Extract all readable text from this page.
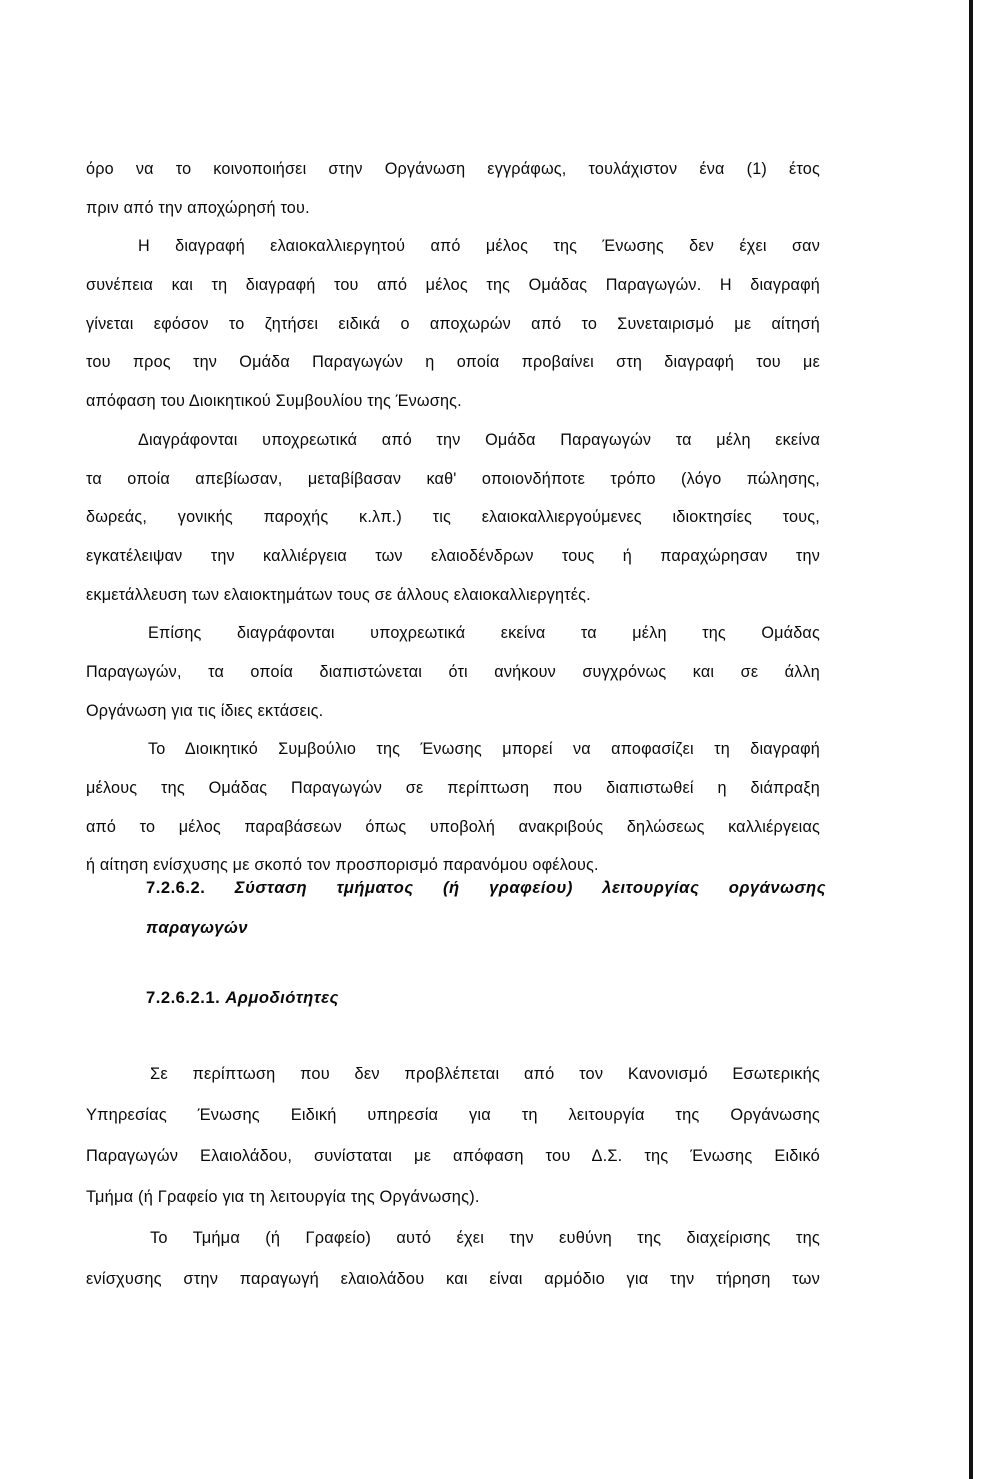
όρο να το κοινοποιήσει στην Οργάνωση εγγράφως, τουλάχιστον ένα (1) έτος
πριν από την αποχώρησή του.
Η διαγραφή ελαιοκαλλιεργητού από μέλος της Ένωσης δεν έχει σαν
συνέπεια και τη διαγραφή του από μέλος της Ομάδας Παραγωγών. Η διαγραφή
γίνεται εφόσον το ζητήσει ειδικά ο αποχωρών από το Συνεταιρισμό με αίτησή
του προς την Ομάδα Παραγωγών η οποία προβαίνει στη διαγραφή του με
απόφαση του Διοικητικού Συμβουλίου της Ένωσης.
Διαγράφονται υποχρεωτικά από την Ομάδα Παραγωγών τα μέλη εκείνα
τα οποία απεβίωσαν, μεταβίβασαν καθ' οποιονδήποτε τρόπο (λόγο πώλησης,
δωρεάς, γονικής παροχής κ.λπ.) τις ελαιοκαλλιεργούμενες ιδιοκτησίες τους,
εγκατέλειψαν την καλλιέργεια των ελαιοδένδρων τους ή παραχώρησαν την
εκμετάλλευση των ελαιοκτημάτων τους σε άλλους ελαιοκαλλιεργητές.
Επίσης διαγράφονται υποχρεωτικά εκείνα τα μέλη της Ομάδας
Παραγωγών, τα οποία διαπιστώνεται ότι ανήκουν συγχρόνως και σε άλλη
Οργάνωση για τις ίδιες εκτάσεις.
Το Διοικητικό Συμβούλιο της Ένωσης μπορεί να αποφασίζει τη διαγραφή
μέλους της Ομάδας Παραγωγών σε περίπτωση που διαπιστωθεί η διάπραξη
από το μέλος παραβάσεων όπως υποβολή ανακριβούς δηλώσεως καλλιέργειας
ή αίτηση ενίσχυσης με σκοπό τον προσπορισμό παρανόμου οφέλους.
7.2.6.2. Σύσταση τμήματος (ή γραφείου) λειτουργίας οργάνωσης
παραγωγών
7.2.6.2.1. Αρμοδιότητες
Σε περίπτωση που δεν προβλέπεται από τον Κανονισμό Εσωτερικής
Υπηρεσίας Ένωσης Ειδική υπηρεσία για τη λειτουργία της Οργάνωσης
Παραγωγών Ελαιολάδου, συνίσταται με απόφαση του Δ.Σ. της Ένωσης Ειδικό
Τμήμα (ή Γραφείο για τη λειτουργία της Οργάνωσης).
Το Τμήμα (ή Γραφείο) αυτό έχει την ευθύνη της διαχείρισης της
ενίσχυσης στην παραγωγή ελαιολάδου και είναι αρμόδιο για την τήρηση των
